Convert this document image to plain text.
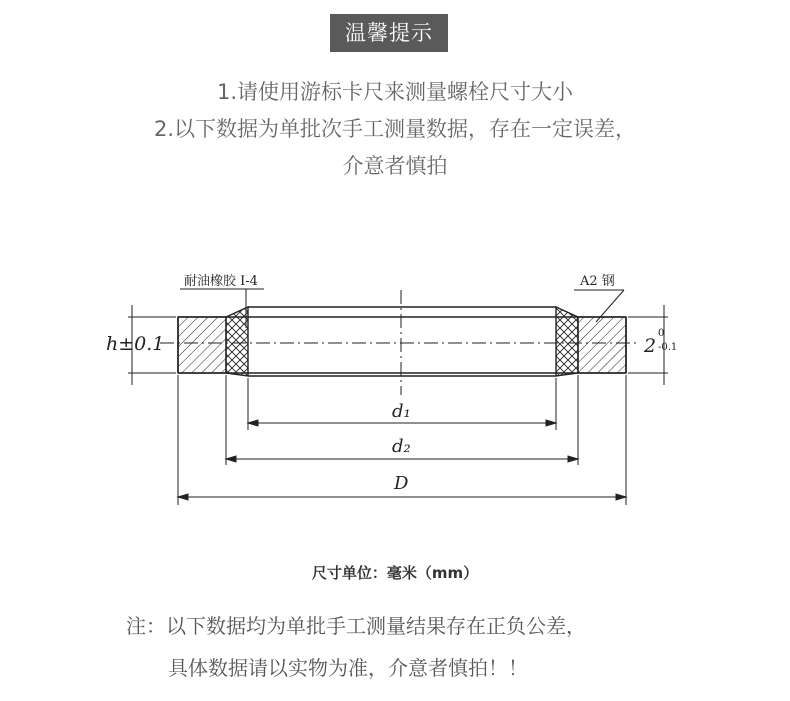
温馨提示
1.请使用游标卡尺来测量螺栓尺寸大小
2.以下数据为单批次手工测量数据，存在一定误差，
介意者慎拍
h±0.1	2
0
-0.1
耐油橡胶 I-4	A2 钢
d₁
d₂
D
尺寸单位：毫米（mm）
注：以下数据均为单批手工测量结果存在正负公差，
具体数据请以实物为准，介意者慎拍！！
